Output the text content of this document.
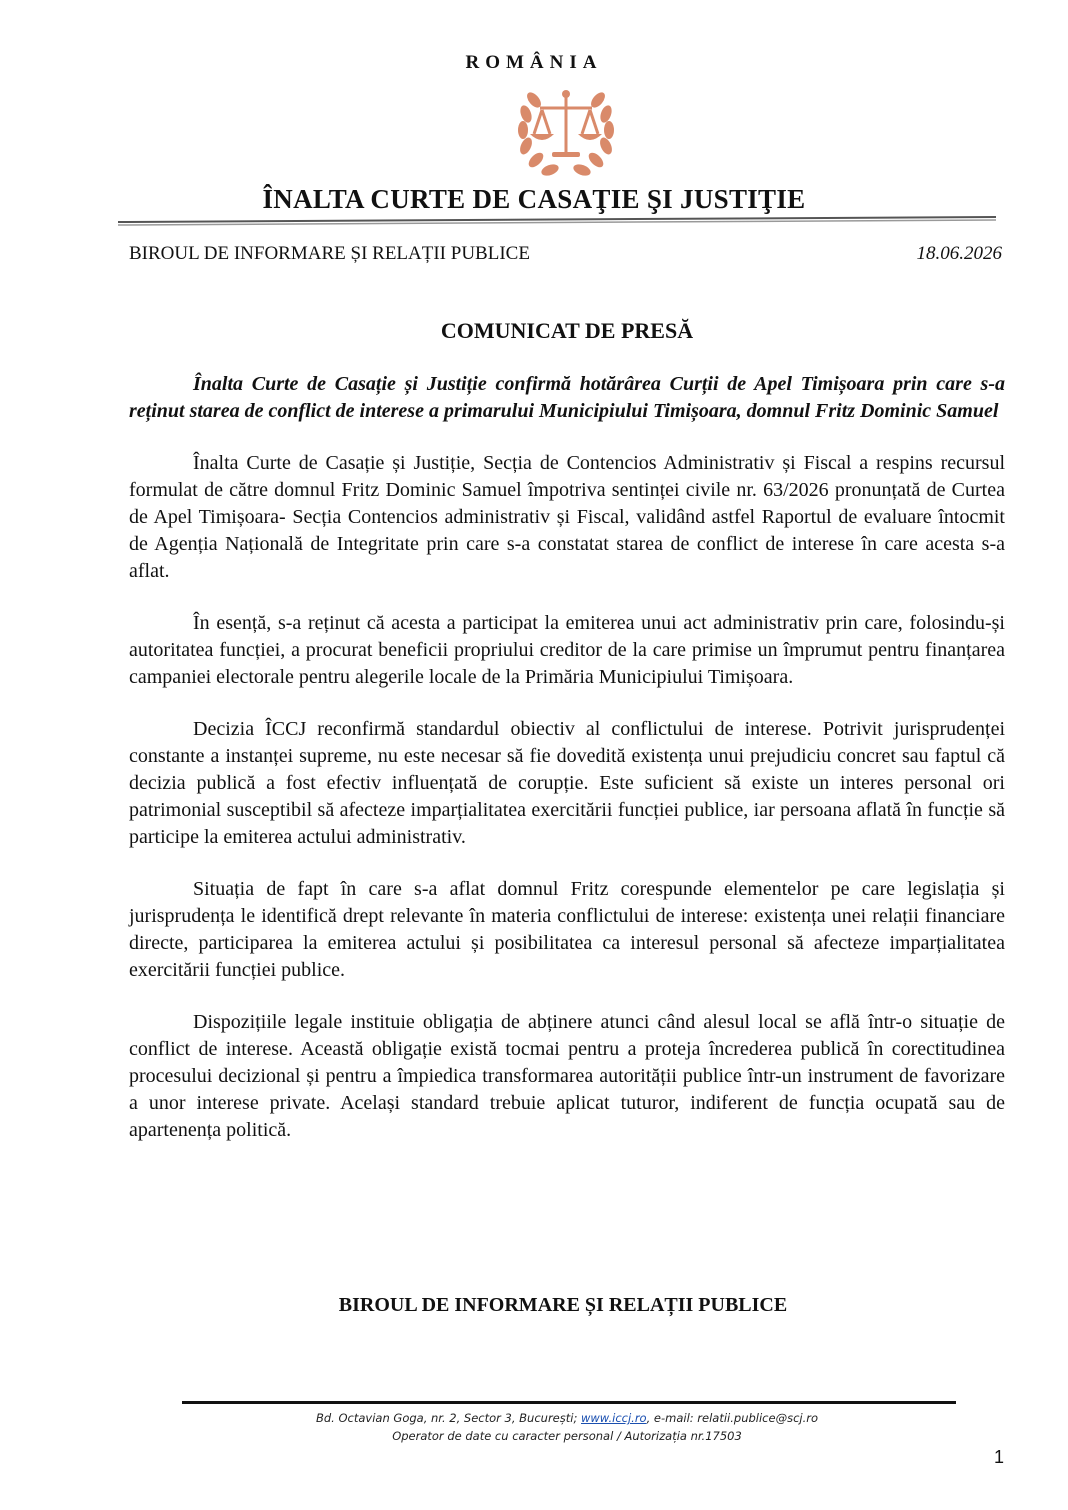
ROMÂNIA
ÎNALTA CURTE DE CASAŢIE ŞI JUSTIŢIE
BIROUL DE INFORMARE ȘI RELAȚII PUBLICE	18.06.2026
COMUNICAT DE PRESĂ

Înalta Curte de Casație și Justiție confirmă hotărârea Curții de Apel Timișoara prin care s-a reținut starea de conflict de interese a primarului Municipiului Timișoara, domnul Fritz Dominic Samuel

Înalta Curte de Casație și Justiție, Secția de Contencios Administrativ și Fiscal a respins recursul formulat de către domnul Fritz Dominic Samuel împotriva sentinței civile nr. 63/2026 pronunțată de Curtea de Apel Timișoara- Secția Contencios administrativ și Fiscal, validând astfel Raportul de evaluare întocmit de Agenția Națională de Integritate prin care s-a constatat starea de conflict de interese în care acesta s-a aflat.

În esență, s-a reținut că acesta a participat la emiterea unui act administrativ prin care, folosindu-și autoritatea funcției, a procurat beneficii propriului creditor de la care primise un împrumut pentru finanțarea campaniei electorale pentru alegerile locale de la Primăria Municipiului Timișoara.

Decizia ÎCCJ reconfirmă standardul obiectiv al conflictului de interese. Potrivit jurisprudenței constante a instanței supreme, nu este necesar să fie dovedită existența unui prejudiciu concret sau faptul că decizia publică a fost efectiv influențată de corupție. Este suficient să existe un interes personal ori patrimonial susceptibil să afecteze imparțialitatea exercitării funcției publice, iar persoana aflată în funcție să participe la emiterea actului administrativ.

Situația de fapt în care s-a aflat domnul Fritz corespunde elementelor pe care legislația și jurisprudența le identifică drept relevante în materia conflictului de interese: existența unei relații financiare directe, participarea la emiterea actului și posibilitatea ca interesul personal să afecteze imparțialitatea exercitării funcției publice.

Dispozițiile legale instituie obligația de abținere atunci când alesul local se află într-o situație de conflict de interese. Această obligație există tocmai pentru a proteja încrederea publică în corectitudinea procesului decizional și pentru a împiedica transformarea autorității publice într-un instrument de favorizare a unor interese private. Același standard trebuie aplicat tuturor, indiferent de funcția ocupată sau de apartenența politică.

BIROUL DE INFORMARE ȘI RELAȚII PUBLICE
Bd. Octavian Goga, nr. 2, Sector 3, București; www.iccj.ro, e-mail: relatii.publice@scj.ro
Operator de date cu caracter personal / Autorizația nr.17503
1
